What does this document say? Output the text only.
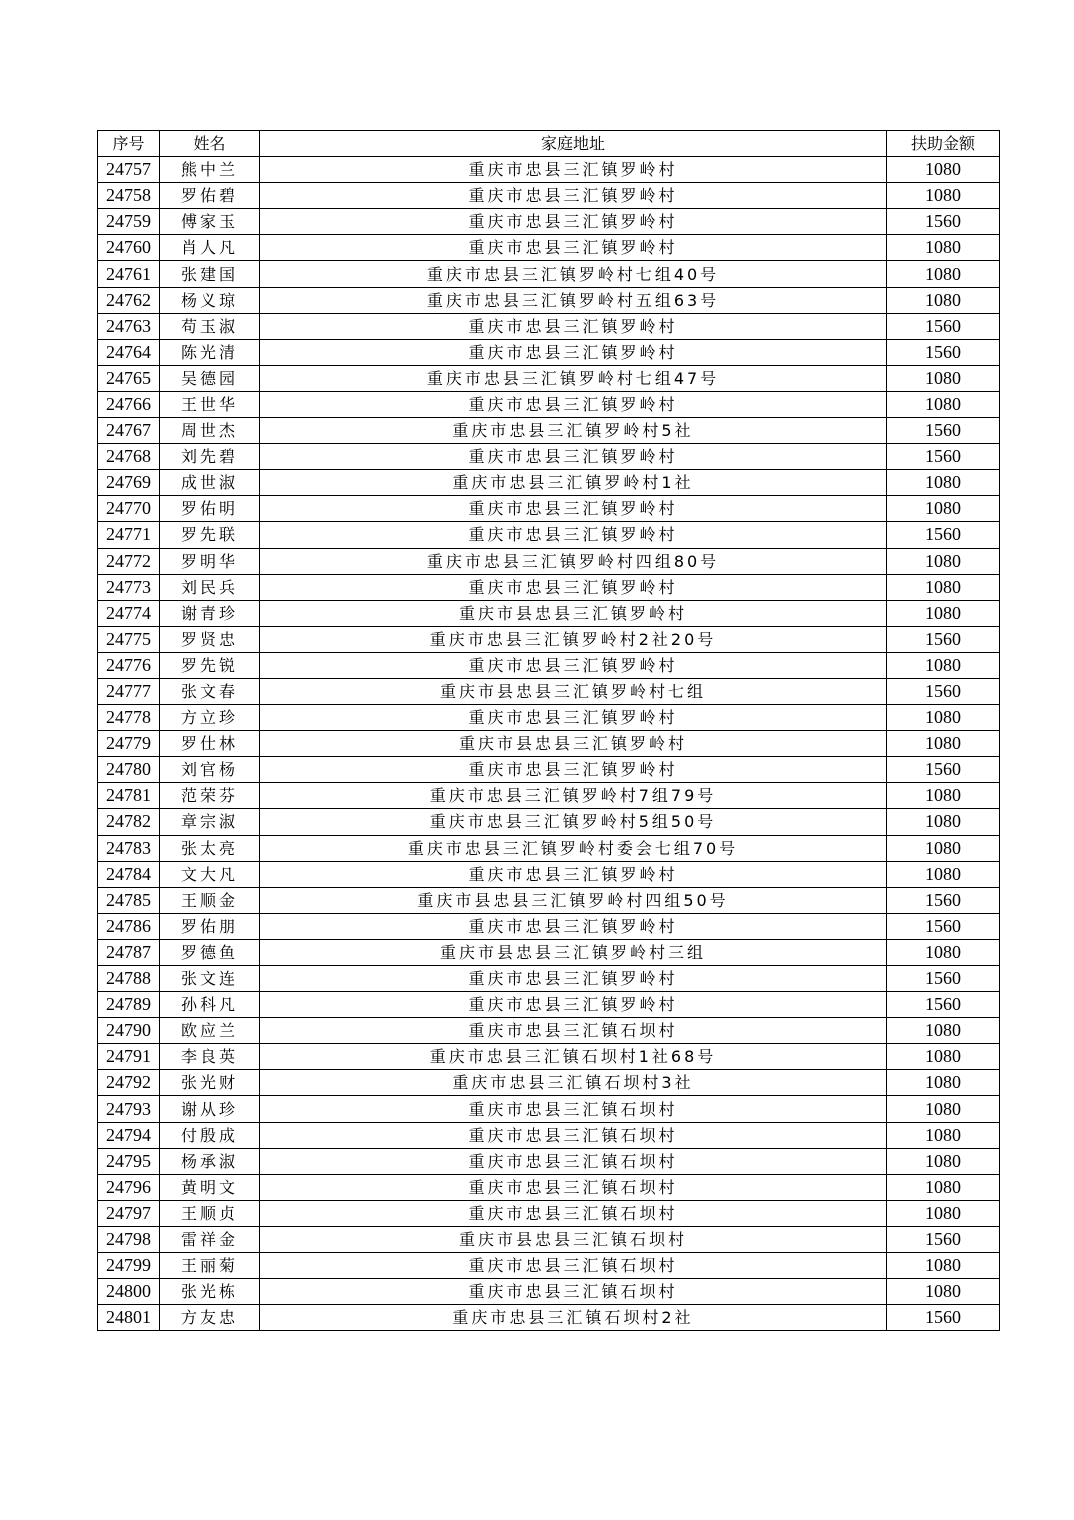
序号	姓名	家庭地址	扶助金额
24757	熊中兰	重庆市忠县三汇镇罗岭村	1080
24758	罗佑碧	重庆市忠县三汇镇罗岭村	1080
24759	傅家玉	重庆市忠县三汇镇罗岭村	1560
24760	肖人凡	重庆市忠县三汇镇罗岭村	1080
24761	张建国	重庆市忠县三汇镇罗岭村七组40号	1080
24762	杨义琼	重庆市忠县三汇镇罗岭村五组63号	1080
24763	苟玉淑	重庆市忠县三汇镇罗岭村	1560
24764	陈光清	重庆市忠县三汇镇罗岭村	1560
24765	吴德园	重庆市忠县三汇镇罗岭村七组47号	1080
24766	王世华	重庆市忠县三汇镇罗岭村	1080
24767	周世杰	重庆市忠县三汇镇罗岭村5社	1560
24768	刘先碧	重庆市忠县三汇镇罗岭村	1560
24769	成世淑	重庆市忠县三汇镇罗岭村1社	1080
24770	罗佑明	重庆市忠县三汇镇罗岭村	1080
24771	罗先联	重庆市忠县三汇镇罗岭村	1560
24772	罗明华	重庆市忠县三汇镇罗岭村四组80号	1080
24773	刘民兵	重庆市忠县三汇镇罗岭村	1080
24774	谢青珍	重庆市县忠县三汇镇罗岭村	1080
24775	罗贤忠	重庆市忠县三汇镇罗岭村2社20号	1560
24776	罗先锐	重庆市忠县三汇镇罗岭村	1080
24777	张文春	重庆市县忠县三汇镇罗岭村七组	1560
24778	方立珍	重庆市忠县三汇镇罗岭村	1080
24779	罗仕林	重庆市县忠县三汇镇罗岭村	1080
24780	刘官杨	重庆市忠县三汇镇罗岭村	1560
24781	范荣芬	重庆市忠县三汇镇罗岭村7组79号	1080
24782	章宗淑	重庆市忠县三汇镇罗岭村5组50号	1080
24783	张太亮	重庆市忠县三汇镇罗岭村委会七组70号	1080
24784	文大凡	重庆市忠县三汇镇罗岭村	1080
24785	王顺金	重庆市县忠县三汇镇罗岭村四组50号	1560
24786	罗佑朋	重庆市忠县三汇镇罗岭村	1560
24787	罗德鱼	重庆市县忠县三汇镇罗岭村三组	1080
24788	张文连	重庆市忠县三汇镇罗岭村	1560
24789	孙科凡	重庆市忠县三汇镇罗岭村	1560
24790	欧应兰	重庆市忠县三汇镇石坝村	1080
24791	李良英	重庆市忠县三汇镇石坝村1社68号	1080
24792	张光财	重庆市忠县三汇镇石坝村3社	1080
24793	谢从珍	重庆市忠县三汇镇石坝村	1080
24794	付殷成	重庆市忠县三汇镇石坝村	1080
24795	杨承淑	重庆市忠县三汇镇石坝村	1080
24796	黄明文	重庆市忠县三汇镇石坝村	1080
24797	王顺贞	重庆市忠县三汇镇石坝村	1080
24798	雷祥金	重庆市县忠县三汇镇石坝村	1560
24799	王丽菊	重庆市忠县三汇镇石坝村	1080
24800	张光栋	重庆市忠县三汇镇石坝村	1080
24801	方友忠	重庆市忠县三汇镇石坝村2社	1560
